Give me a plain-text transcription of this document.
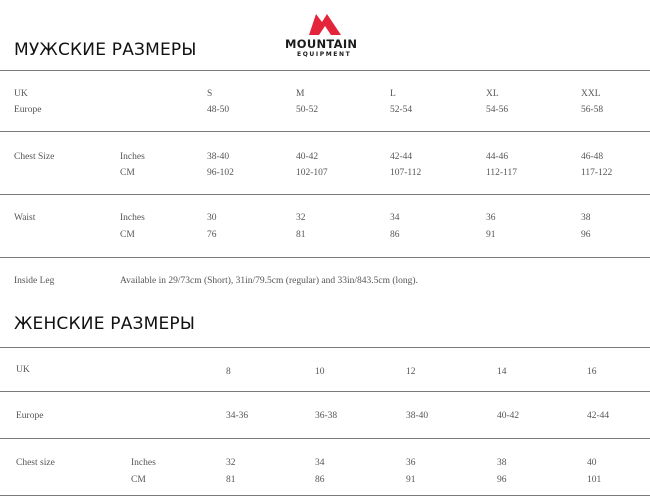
MOUNTAIN
EQUIPMENT
МУЖСКИЕ РАЗМЕРЫ
UK	S	M	L	XL	XXL
Europe	48-50	50-52	52-54	54-56	56-58
Chest Size	Inches	38-40	40-42	42-44	44-46	46-48
CM	96-102	102-107	107-112	112-117	117-122
Waist	Inches	30	32	34	36	38
CM	76	81	86	91	96
Inside Leg	Available in 29/73cm (Short), 31in/79.5cm (regular) and 33in/843.5cm (long).
ЖЕНСКИЕ РАЗМЕРЫ
UK	8	10	12	14	16
Europe	34-36	36-38	38-40	40-42	42-44
Chest size	Inches	32	34	36	38	40
CM	81	86	91	96	101
